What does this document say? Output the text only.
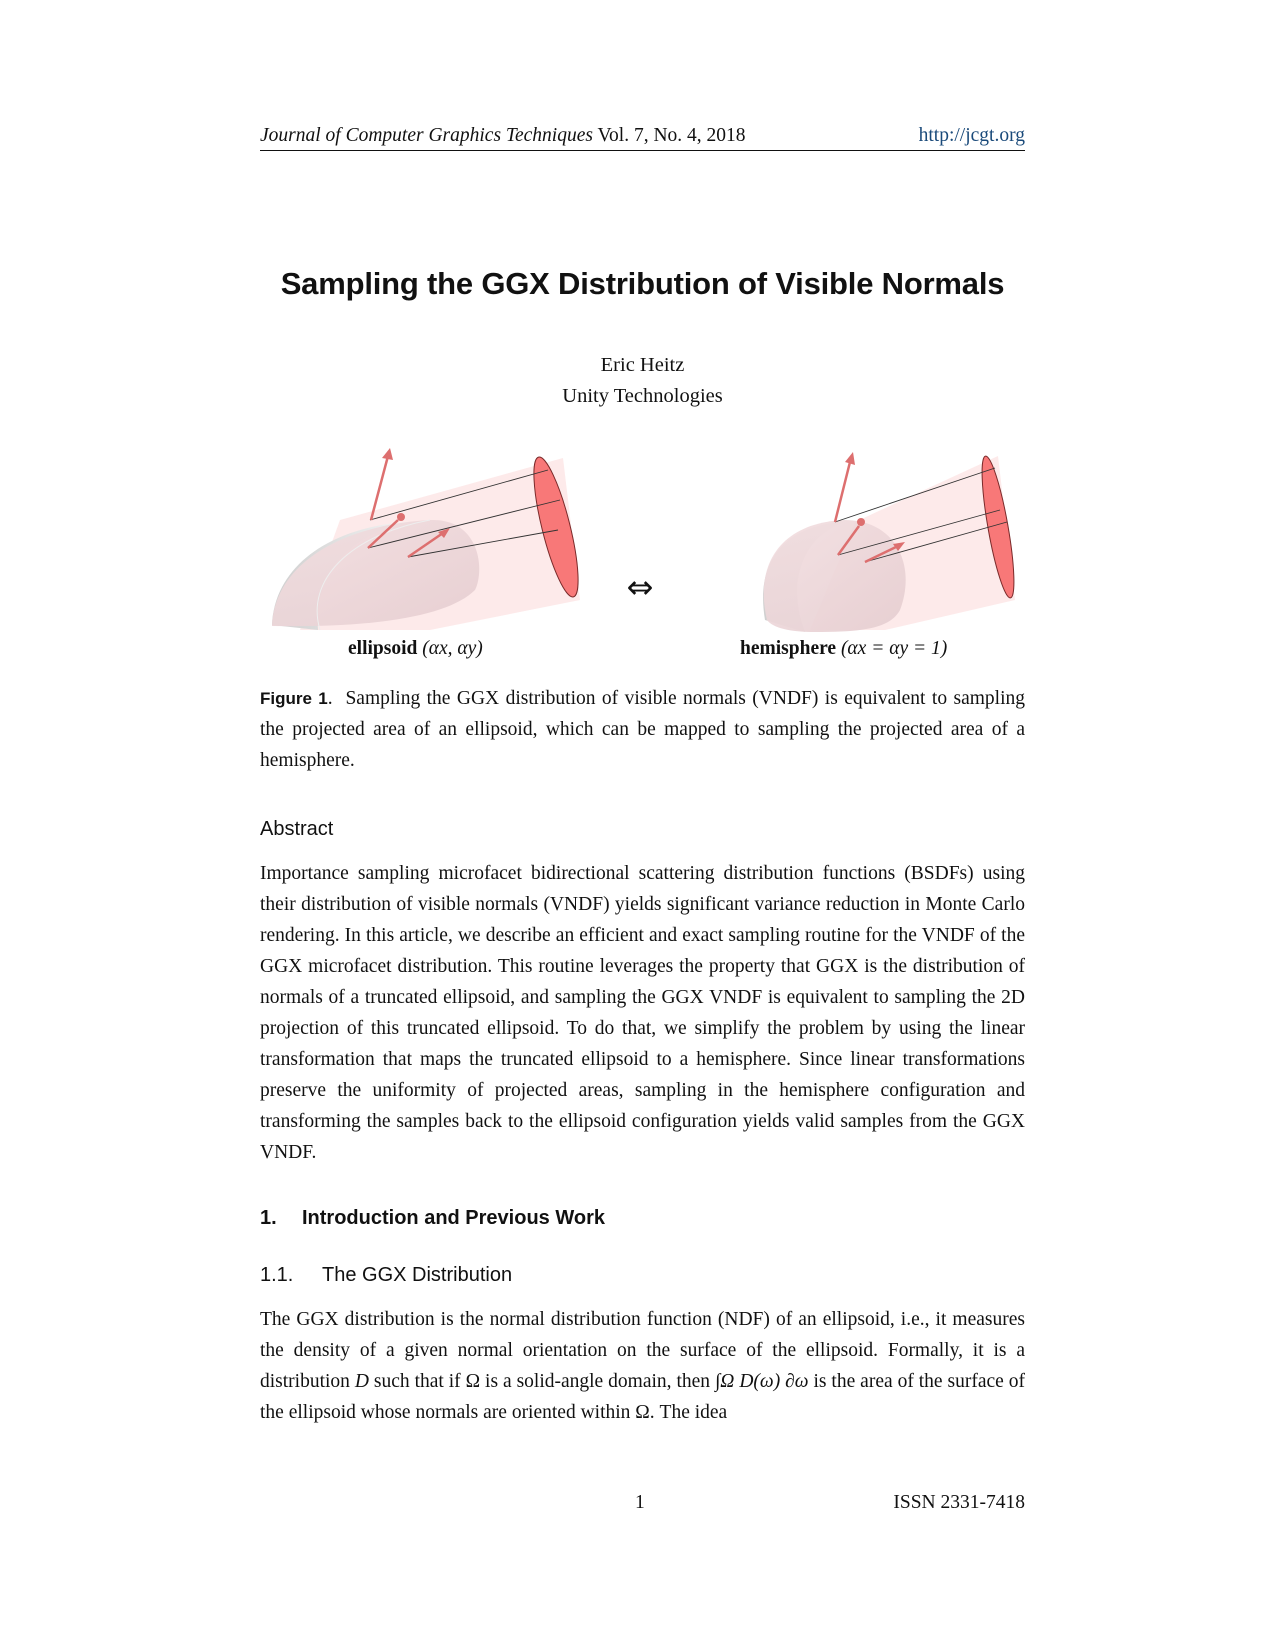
Journal of Computer Graphics Techniques Vol. 7, No. 4, 2018	http://jcgt.org
Sampling the GGX Distribution of Visible Normals
Eric Heitz
Unity Technologies
⇔
ellipsoid (αx, αy)	hemisphere (αx = αy = 1)
Figure 1.  Sampling the GGX distribution of visible normals (VNDF) is equivalent to sampling the projected area of an ellipsoid, which can be mapped to sampling the projected area of a hemisphere.
Abstract
Importance sampling microfacet bidirectional scattering distribution functions (BSDFs) using their distribution of visible normals (VNDF) yields significant variance reduction in Monte Carlo rendering. In this article, we describe an efficient and exact sampling routine for the VNDF of the GGX microfacet distribution. This routine leverages the property that GGX is the distribution of normals of a truncated ellipsoid, and sampling the GGX VNDF is equivalent to sampling the 2D projection of this truncated ellipsoid. To do that, we simplify the problem by using the linear transformation that maps the truncated ellipsoid to a hemisphere. Since linear transformations preserve the uniformity of projected areas, sampling in the hemisphere configuration and transforming the samples back to the ellipsoid configuration yields valid samples from the GGX VNDF.
1. Introduction and Previous Work
1.1. The GGX Distribution
The GGX distribution is the normal distribution function (NDF) of an ellipsoid, i.e., it measures the density of a given normal orientation on the surface of the ellipsoid. Formally, it is a distribution D such that if Ω is a solid-angle domain, then ∫Ω D(ω) ∂ω is the area of the surface of the ellipsoid whose normals are oriented within Ω. The idea
1	ISSN 2331-7418
